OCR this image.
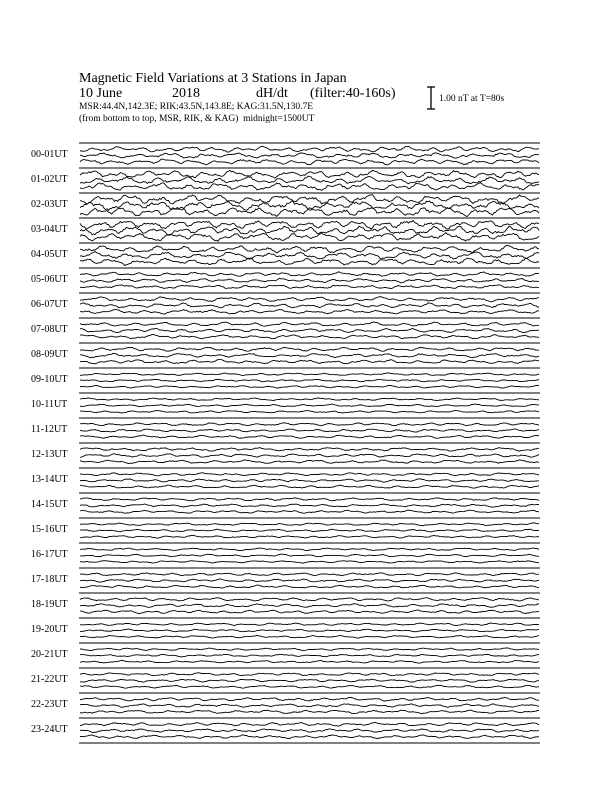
Magnetic Field Variations at 3 Stations in Japan
10 June	2018	dH/dt (filter:40-160s)
MSR:44.4N,142.3E; RIK:43.5N,143.8E; KAG:31.5N,130.7E
(from bottom to top, MSR, RIK, & KAG) midnight=1500UT
1.00 nT at T=80s
00-01UT
01-02UT
02-03UT
03-04UT
04-05UT
05-06UT
06-07UT
07-08UT
08-09UT
09-10UT
10-11UT
11-12UT
12-13UT
13-14UT
14-15UT
15-16UT
16-17UT
17-18UT
18-19UT
19-20UT
20-21UT
21-22UT
22-23UT
23-24UT
